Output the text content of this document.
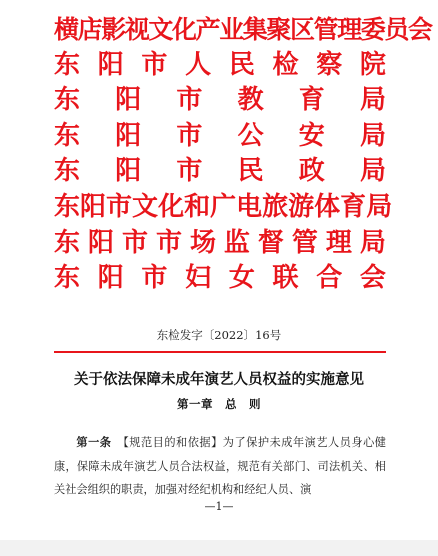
横店影视文化产业集聚区管理委员会
东 阳 市 人 民 检 察 院
东 阳 市 教 育 局
东 阳 市 公 安 局
东 阳 市 民 政 局
东 阳 市 文 化 和 广 电 旅 游 体 育 局
东 阳 市 市 场 监 督 管 理 局
东 阳 市 妇 女 联 合 会
东检发字〔2022〕16号
关于依法保障未成年演艺人员权益的实施意见
第一章　总　则
第一条　 【规范目的和依据】为了保护未成年演艺人员身心健康，保障未成年演艺人员合法权益，规范有关部门、司法机关、相关社会组织的职责，加强对经纪机构和经纪人员、演
—1—
